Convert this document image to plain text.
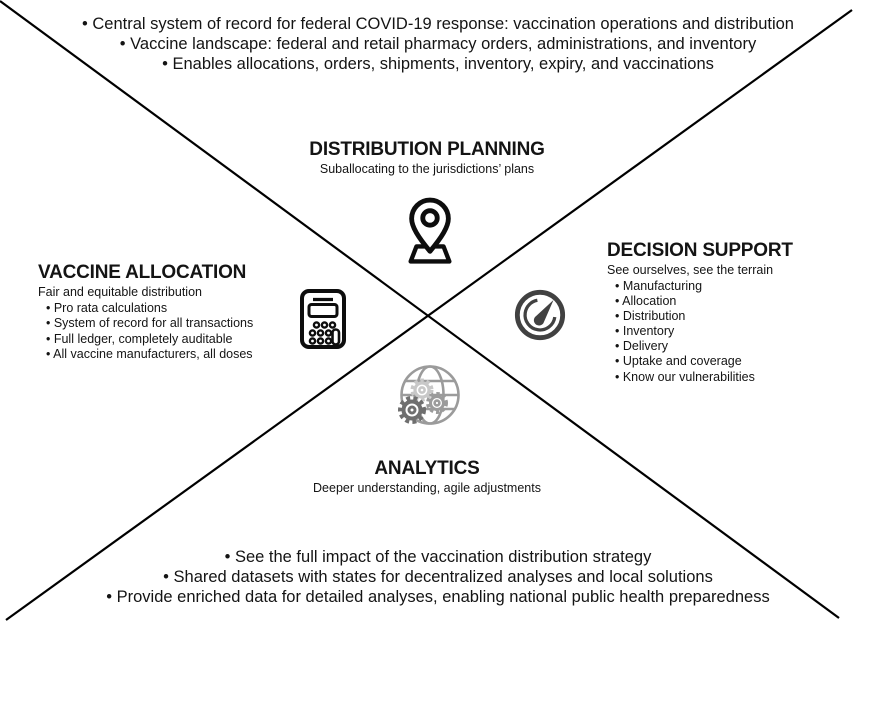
• Central system of record for federal COVID-19 response: vaccination operations and distribution
• Vaccine landscape: federal and retail pharmacy orders, administrations, and inventory
• Enables allocations, orders, shipments, inventory, expiry, and vaccinations
DISTRIBUTION PLANNING
Suballocating to the jurisdictions’ plans
VACCINE ALLOCATION
Fair and equitable distribution
• Pro rata calculations
• System of record for all transactions
• Full ledger, completely auditable
• All vaccine manufacturers, all doses
DECISION SUPPORT
See ourselves, see the terrain
• Manufacturing
• Allocation
• Distribution
• Inventory
• Delivery
• Uptake and coverage
• Know our vulnerabilities
ANALYTICS
Deeper understanding, agile adjustments
• See the full impact of the vaccination distribution strategy
• Shared datasets with states for decentralized analyses and local solutions
• Provide enriched data for detailed analyses, enabling national public health preparedness
